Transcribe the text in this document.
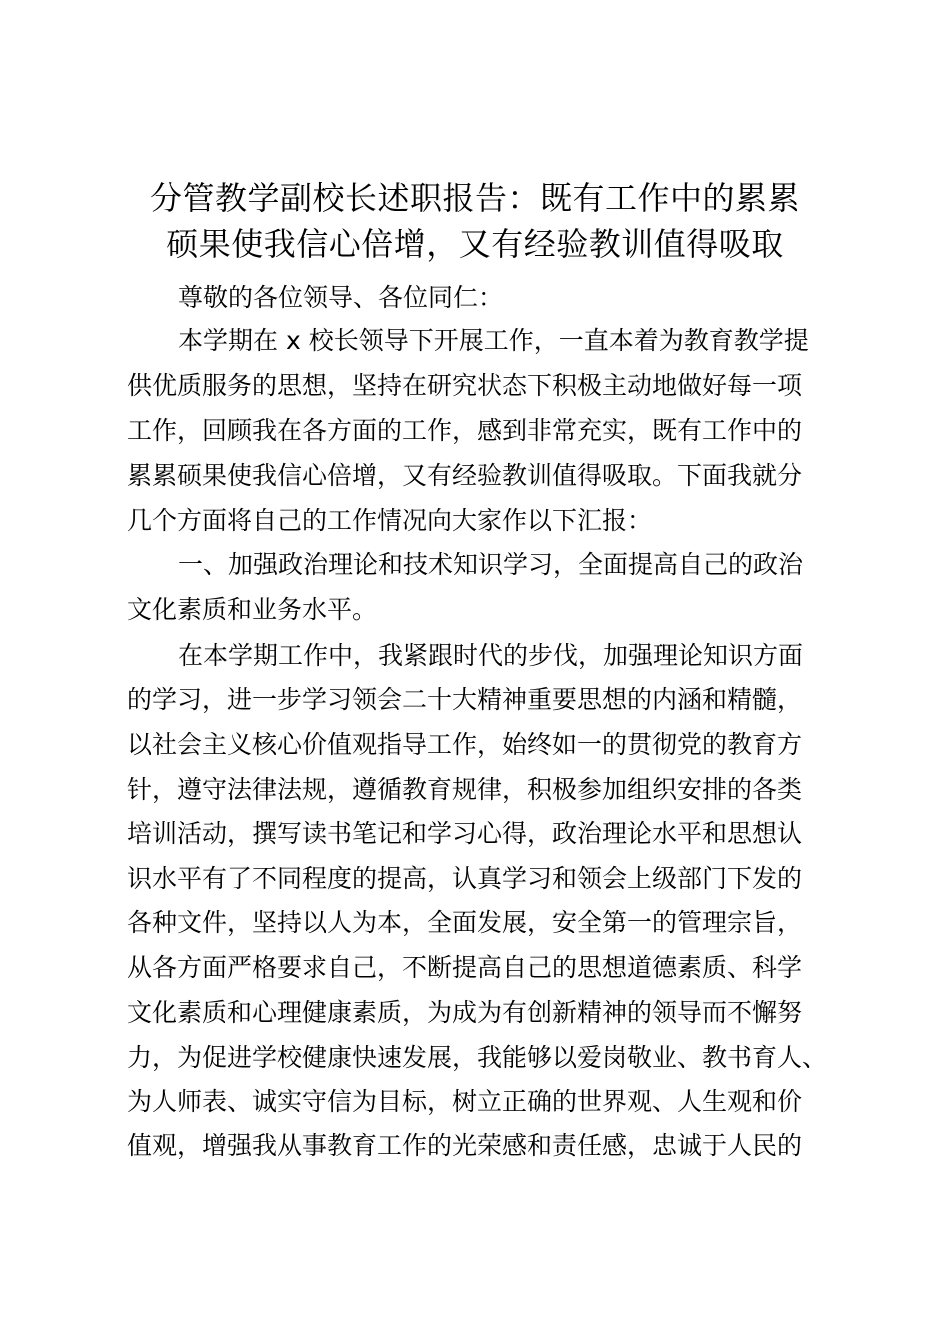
分管教学副校长述职报告：既有工作中的累累
硕果使我信心倍增，又有经验教训值得吸取
尊敬的各位领导、各位同仁：
本学期在 x 校长领导下开展工作，一直本着为教育教学提
供优质服务的思想，坚持在研究状态下积极主动地做好每一项
工作，回顾我在各方面的工作，感到非常充实，既有工作中的
累累硕果使我信心倍增，又有经验教训值得吸取。下面我就分
几个方面将自己的工作情况向大家作以下汇报：
一、加强政治理论和技术知识学习，全面提高自己的政治
文化素质和业务水平。
在本学期工作中，我紧跟时代的步伐，加强理论知识方面
的学习，进一步学习领会二十大精神重要思想的内涵和精髓，
以社会主义核心价值观指导工作，始终如一的贯彻党的教育方
针，遵守法律法规，遵循教育规律，积极参加组织安排的各类
培训活动，撰写读书笔记和学习心得，政治理论水平和思想认
识水平有了不同程度的提高，认真学习和领会上级部门下发的
各种文件，坚持以人为本，全面发展，安全第一的管理宗旨，
从各方面严格要求自己，不断提高自己的思想道德素质、科学
文化素质和心理健康素质，为成为有创新精神的领导而不懈努
力，为促进学校健康快速发展，我能够以爱岗敬业、教书育人、
为人师表、诚实守信为目标，树立正确的世界观、人生观和价
值观，增强我从事教育工作的光荣感和责任感，忠诚于人民的
